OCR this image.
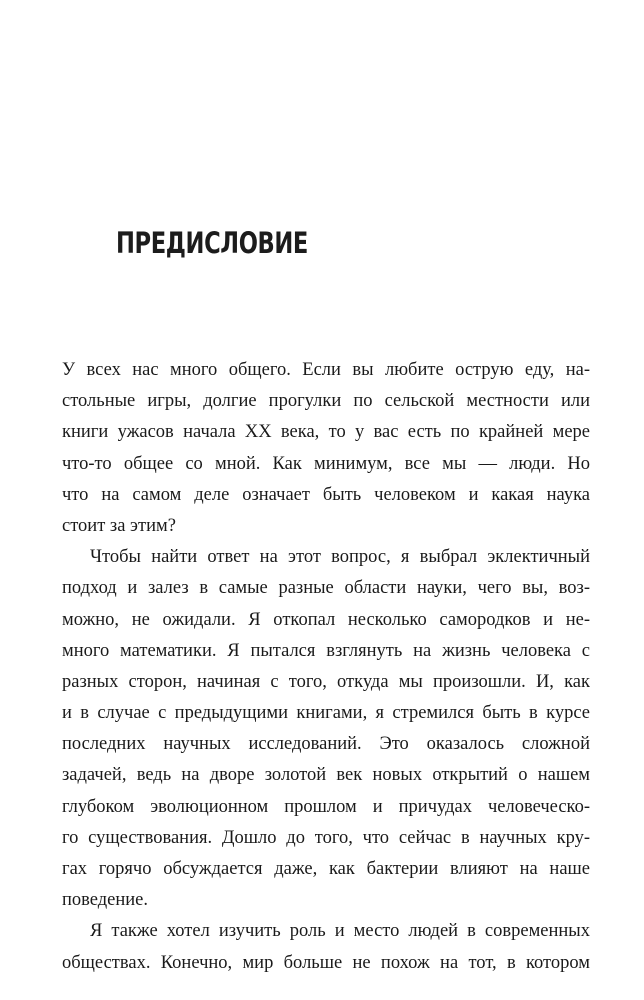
ПРЕДИСЛОВИЕ
У всех нас много общего. Если вы любите острую еду, на-
стольные игры, долгие прогулки по сельской местности или
книги ужасов начала XX века, то у вас есть по крайней мере
что-то общее со мной. Как минимум, все мы — люди. Но
что на самом деле означает быть человеком и какая наука
стоит за этим?
Чтобы найти ответ на этот вопрос, я выбрал эклектичный
подход и залез в самые разные области науки, чего вы, воз-
можно, не ожидали. Я откопал несколько самородков и не-
много математики. Я пытался взглянуть на жизнь человека с
разных сторон, начиная с того, откуда мы произошли. И, как
и в случае с предыдущими книгами, я стремился быть в курсе
последних научных исследований. Это оказалось сложной
задачей, ведь на дворе золотой век новых открытий о нашем
глубоком эволюционном прошлом и причудах человеческо-
го существования. Дошло до того, что сейчас в научных кру-
гах горячо обсуждается даже, как бактерии влияют на наше
поведение.
Я также хотел изучить роль и место людей в современных
обществах. Конечно, мир больше не похож на тот, в котором
